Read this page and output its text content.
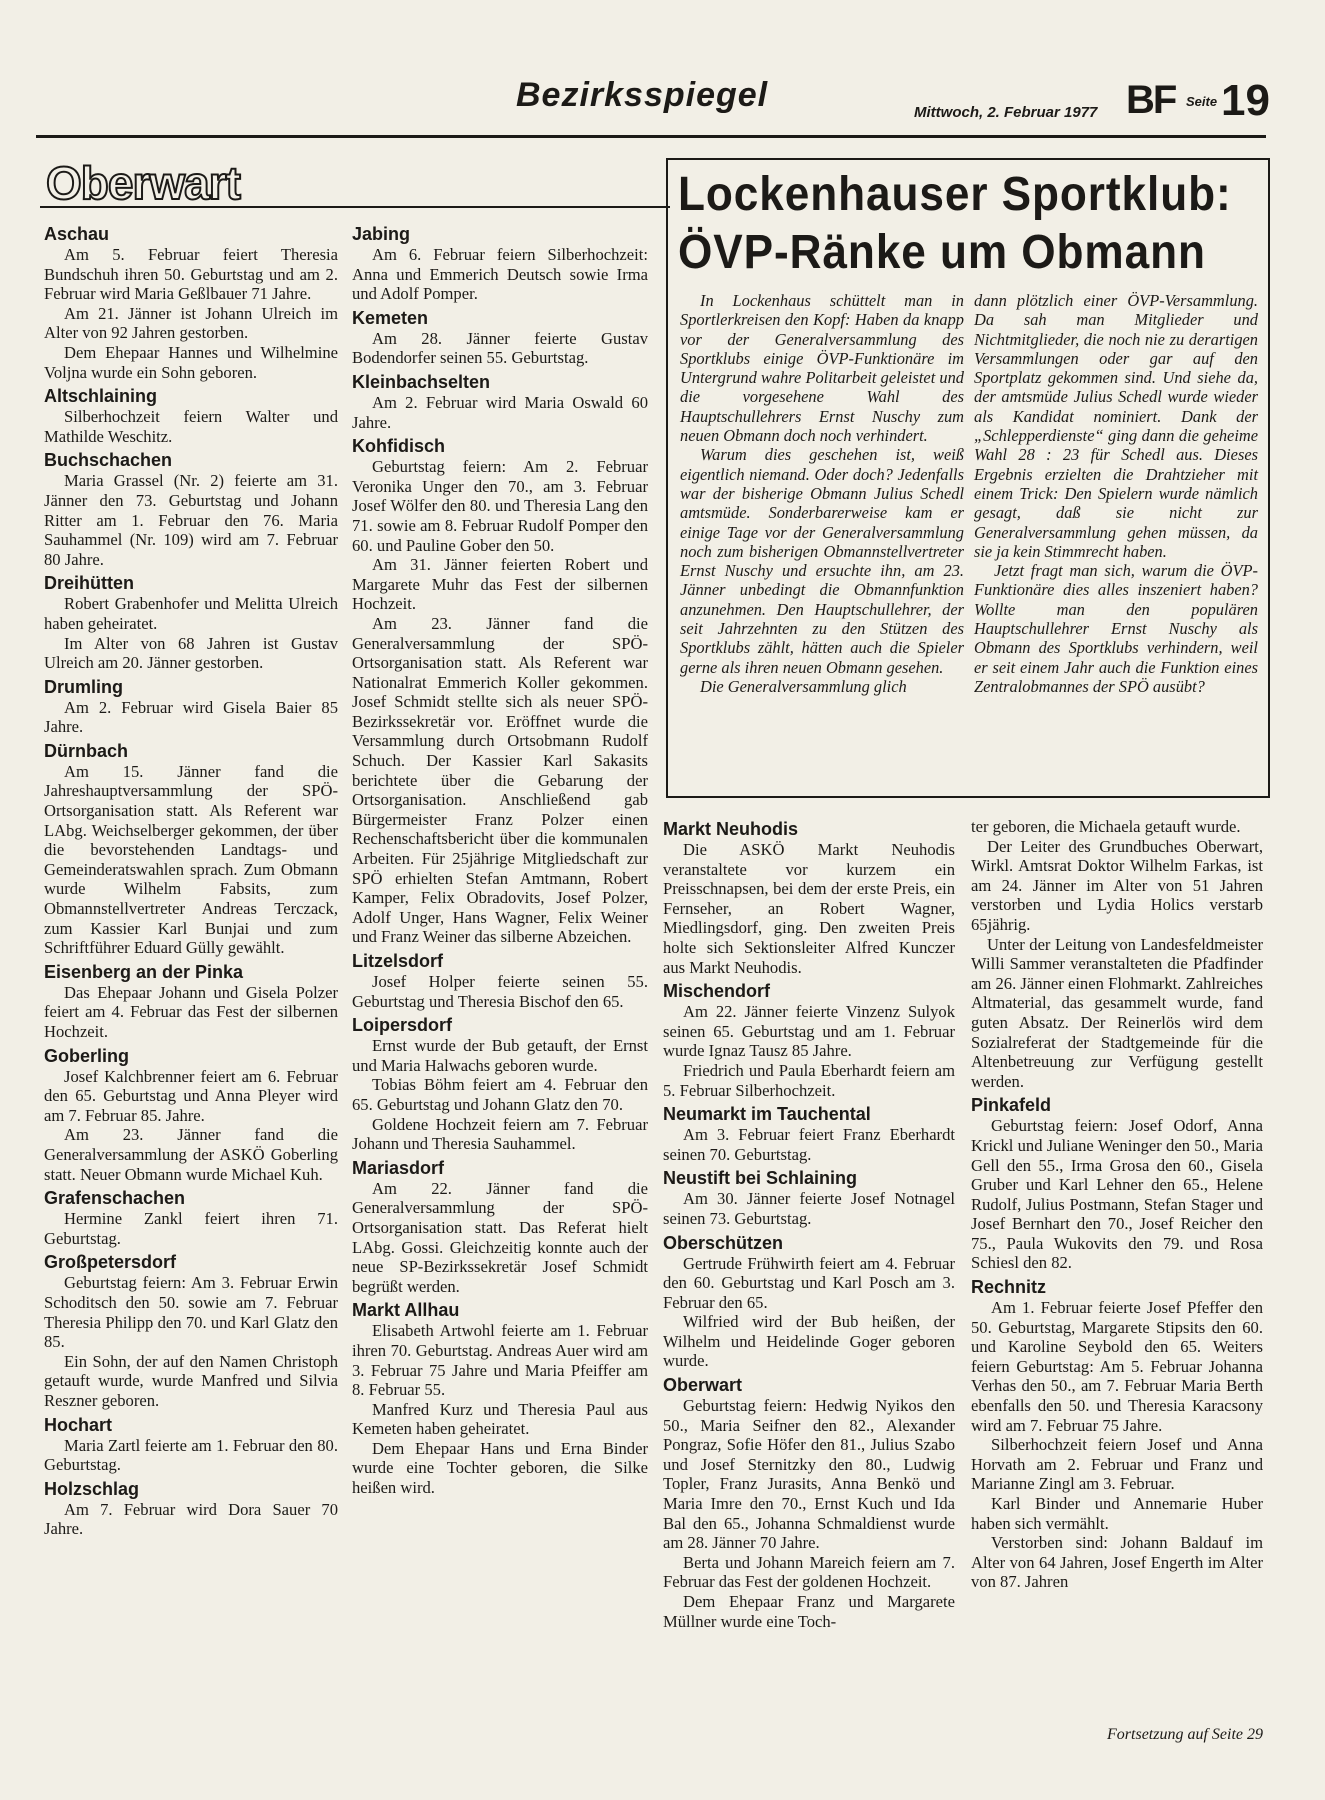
Bezirksspiegel	Mittwoch, 2. Februar 1977 BF Seite 19
Oberwart
Aschau

Am 5. Februar feiert Theresia Bundschuh ihren 50. Geburtstag und am 2. Februar wird Maria Geßlbauer 71 Jahre.

Am 21. Jänner ist Johann Ulreich im Alter von 92 Jahren gestorben.

Dem Ehepaar Hannes und Wilhelmine Voljna wurde ein Sohn geboren.

Altschlaining

Silberhochzeit feiern Walter und Mathilde Weschitz.

Buchschachen

Maria Grassel (Nr. 2) feierte am 31. Jänner den 73. Geburtstag und Johann Ritter am 1. Februar den 76. Maria Sauhammel (Nr. 109) wird am 7. Februar 80 Jahre.

Dreihütten

Robert Grabenhofer und Melitta Ulreich haben geheiratet.

Im Alter von 68 Jahren ist Gustav Ulreich am 20. Jänner gestorben.

Drumling

Am 2. Februar wird Gisela Baier 85 Jahre.

Dürnbach

Am 15. Jänner fand die Jahreshauptversammlung der SPÖ-Ortsorganisation statt. Als Referent war LAbg. Weichselberger gekommen, der über die bevorstehenden Landtags- und Gemeinderatswahlen sprach. Zum Obmann wurde Wilhelm Fabsits, zum Obmannstellvertreter Andreas Terczack, zum Kassier Karl Bunjai und zum Schriftführer Eduard Gülly gewählt.

Eisenberg an der Pinka

Das Ehepaar Johann und Gisela Polzer feiert am 4. Februar das Fest der silbernen Hochzeit.

Goberling

Josef Kalchbrenner feiert am 6. Februar den 65. Geburtstag und Anna Pleyer wird am 7. Februar 85. Jahre.

Am 23. Jänner fand die Generalversammlung der ASKÖ Goberling statt. Neuer Obmann wurde Michael Kuh.

Grafenschachen

Hermine Zankl feiert ihren 71. Geburtstag.

Großpetersdorf

Geburtstag feiern: Am 3. Februar Erwin Schoditsch den 50. sowie am 7. Februar Theresia Philipp den 70. und Karl Glatz den 85.

Ein Sohn, der auf den Namen Christoph getauft wurde, wurde Manfred und Silvia Reszner geboren.

Hochart

Maria Zartl feierte am 1. Februar den 80. Geburtstag.

Holzschlag

Am 7. Februar wird Dora Sauer 70 Jahre.

Jabing

Am 6. Februar feiern Silberhochzeit: Anna und Emmerich Deutsch sowie Irma und Adolf Pomper.

Kemeten

Am 28. Jänner feierte Gustav Bodendorfer seinen 55. Geburtstag.

Kleinbachselten

Am 2. Februar wird Maria Oswald 60 Jahre.

Kohfidisch

Geburtstag feiern: Am 2. Februar Veronika Unger den 70., am 3. Februar Josef Wölfer den 80. und Theresia Lang den 71. sowie am 8. Februar Rudolf Pomper den 60. und Pauline Gober den 50.

Am 31. Jänner feierten Robert und Margarete Muhr das Fest der silbernen Hochzeit.

Am 23. Jänner fand die Generalversammlung der SPÖ-Ortsorganisation statt. Als Referent war Nationalrat Emmerich Koller gekommen. Josef Schmidt stellte sich als neuer SPÖ-Bezirkssekretär vor. Eröffnet wurde die Versammlung durch Ortsobmann Rudolf Schuch. Der Kassier Karl Sakasits berichtete über die Gebarung der Ortsorganisation. Anschließend gab Bürgermeister Franz Polzer einen Rechenschaftsbericht über die kommunalen Arbeiten. Für 25jährige Mitgliedschaft zur SPÖ erhielten Stefan Amtmann, Robert Kamper, Felix Obradovits, Josef Polzer, Adolf Unger, Hans Wagner, Felix Weiner und Franz Weiner das silberne Abzeichen.

Litzelsdorf

Josef Holper feierte seinen 55. Geburtstag und Theresia Bischof den 65.

Loipersdorf

Ernst wurde der Bub getauft, der Ernst und Maria Halwachs geboren wurde.

Tobias Böhm feiert am 4. Februar den 65. Geburtstag und Johann Glatz den 70.

Goldene Hochzeit feiern am 7. Februar Johann und Theresia Sauhammel.

Mariasdorf

Am 22. Jänner fand die Generalversammlung der SPÖ-Ortsorganisation statt. Das Referat hielt LAbg. Gossi. Gleichzeitig konnte auch der neue SP-Bezirkssekretär Josef Schmidt begrüßt werden.

Markt Allhau

Elisabeth Artwohl feierte am 1. Februar ihren 70. Geburtstag. Andreas Auer wird am 3. Februar 75 Jahre und Maria Pfeiffer am 8. Februar 55.

Manfred Kurz und Theresia Paul aus Kemeten haben geheiratet.

Dem Ehepaar Hans und Erna Binder wurde eine Tochter geboren, die Silke heißen wird.

Lockenhauser Sportklub:
ÖVP-Ränke um Obmann

In Lockenhaus schüttelt man in Sportlerkreisen den Kopf: Haben da knapp vor der Generalversammlung des Sportklubs einige ÖVP-Funktionäre im Untergrund wahre Politarbeit geleistet und die vorgesehene Wahl des Hauptschullehrers Ernst Nuschy zum neuen Obmann doch noch verhindert.

Warum dies geschehen ist, weiß eigentlich niemand. Oder doch? Jedenfalls war der bisherige Obmann Julius Schedl amtsmüde. Sonderbarerweise kam er einige Tage vor der Generalversammlung noch zum bisherigen Obmannstellvertreter Ernst Nuschy und ersuchte ihn, am 23. Jänner unbedingt die Obmannfunktion anzunehmen. Den Hauptschullehrer, der seit Jahrzehnten zu den Stützen des Sportklubs zählt, hätten auch die Spieler gerne als ihren neuen Obmann gesehen.

Die Generalversammlung glich

dann plötzlich einer ÖVP-Versammlung. Da sah man Mitglieder und Nichtmitglieder, die noch nie zu derartigen Versammlungen oder gar auf den Sportplatz gekommen sind. Und siehe da, der amtsmüde Julius Schedl wurde wieder als Kandidat nominiert. Dank der „Schlepperdienste“ ging dann die geheime Wahl 28 : 23 für Schedl aus. Dieses Ergebnis erzielten die Drahtzieher mit einem Trick: Den Spielern wurde nämlich gesagt, daß sie nicht zur Generalversammlung gehen müssen, da sie ja kein Stimmrecht haben.

Jetzt fragt man sich, warum die ÖVP-Funktionäre dies alles inszeniert haben? Wollte man den populären Hauptschullehrer Ernst Nuschy als Obmann des Sportklubs verhindern, weil er seit einem Jahr auch die Funktion eines Zentralobmannes der SPÖ ausübt?

Markt Neuhodis

Die ASKÖ Markt Neuhodis veranstaltete vor kurzem ein Preisschnapsen, bei dem der erste Preis, ein Fernseher, an Robert Wagner, Miedlingsdorf, ging. Den zweiten Preis holte sich Sektionsleiter Alfred Kunczer aus Markt Neuhodis.

Mischendorf

Am 22. Jänner feierte Vinzenz Sulyok seinen 65. Geburtstag und am 1. Februar wurde Ignaz Tausz 85 Jahre.

Friedrich und Paula Eberhardt feiern am 5. Februar Silberhochzeit.

Neumarkt im Tauchental

Am 3. Februar feiert Franz Eberhardt seinen 70. Geburtstag.

Neustift bei Schlaining

Am 30. Jänner feierte Josef Notnagel seinen 73. Geburtstag.

Oberschützen

Gertrude Frühwirth feiert am 4. Februar den 60. Geburtstag und Karl Posch am 3. Februar den 65.

Wilfried wird der Bub heißen, der Wilhelm und Heidelinde Goger geboren wurde.

Oberwart

Geburtstag feiern: Hedwig Nyikos den 50., Maria Seifner den 82., Alexander Pongraz, Sofie Höfer den 81., Julius Szabo und Josef Sternitzky den 80., Ludwig Topler, Franz Jurasits, Anna Benkö und Maria Imre den 70., Ernst Kuch und Ida Bal den 65., Johanna Schmaldienst wurde am 28. Jänner 70 Jahre.

Berta und Johann Mareich feiern am 7. Februar das Fest der goldenen Hochzeit.

Dem Ehepaar Franz und Margarete Müllner wurde eine Toch-

ter geboren, die Michaela getauft wurde.

Der Leiter des Grundbuches Oberwart, Wirkl. Amtsrat Doktor Wilhelm Farkas, ist am 24. Jänner im Alter von 51 Jahren verstorben und Lydia Holics verstarb 65jährig.

Unter der Leitung von Landesfeldmeister Willi Sammer veranstalteten die Pfadfinder am 26. Jänner einen Flohmarkt. Zahlreiches Altmaterial, das gesammelt wurde, fand guten Absatz. Der Reinerlös wird dem Sozialreferat der Stadtgemeinde für die Altenbetreuung zur Verfügung gestellt werden.

Pinkafeld

Geburtstag feiern: Josef Odorf, Anna Krickl und Juliane Weninger den 50., Maria Gell den 55., Irma Grosa den 60., Gisela Gruber und Karl Lehner den 65., Helene Rudolf, Julius Postmann, Stefan Stager und Josef Bernhart den 70., Josef Reicher den 75., Paula Wukovits den 79. und Rosa Schiesl den 82.

Rechnitz

Am 1. Februar feierte Josef Pfeffer den 50. Geburtstag, Margarete Stipsits den 60. und Karoline Seybold den 65. Weiters feiern Geburtstag: Am 5. Februar Johanna Verhas den 50., am 7. Februar Maria Berth ebenfalls den 50. und Theresia Karacsony wird am 7. Februar 75 Jahre.

Silberhochzeit feiern Josef und Anna Horvath am 2. Februar und Franz und Marianne Zingl am 3. Februar.

Karl Binder und Annemarie Huber haben sich vermählt.

Verstorben sind: Johann Baldauf im Alter von 64 Jahren, Josef Engerth im Alter von 87. Jahren

Fortsetzung auf Seite 29
